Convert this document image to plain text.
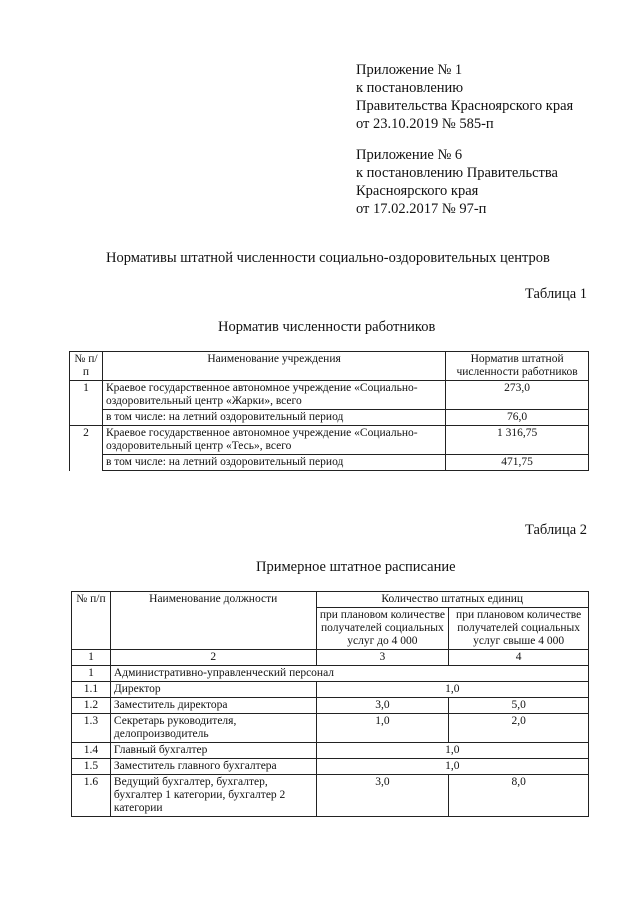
Приложение № 1
к постановлению
Правительства Красноярского края
от 23.10.2019 № 585-п
Приложение № 6
к постановлению Правительства
Красноярского края
от 17.02.2017 № 97-п
Нормативы штатной численности социально-оздоровительных центров
Таблица 1
Норматив численности работников
№ п/п	Наименование учреждения	Норматив штатной численности работников
1	Краевое государственное автономное учреждение «Социально-оздоровительный центр «Жарки», всего	273,0
	в том числе: на летний оздоровительный период	76,0
2	Краевое государственное автономное учреждение «Социально-оздоровительный центр «Тесь», всего	1 316,75
	в том числе: на летний оздоровительный период	471,75
Таблица 2
Примерное штатное расписание
№ п/п	Наименование должности	Количество штатных единиц	
		при плановом количестве получателей социальных услуг до 4 000	при плановом количестве получателей социальных услуг свыше 4 000
1	2	3	4
1	Административно-управленческий персонал		
1.1	Директор	1,0	
1.2	Заместитель директора	3,0	5,0
1.3	Секретарь руководителя, делопроизводитель	1,0	2,0
1.4	Главный бухгалтер	1,0	
1.5	Заместитель главного бухгалтера	1,0	
1.6	Ведущий бухгалтер, бухгалтер, бухгалтер 1 категории, бухгалтер 2 категории	3,0	8,0
